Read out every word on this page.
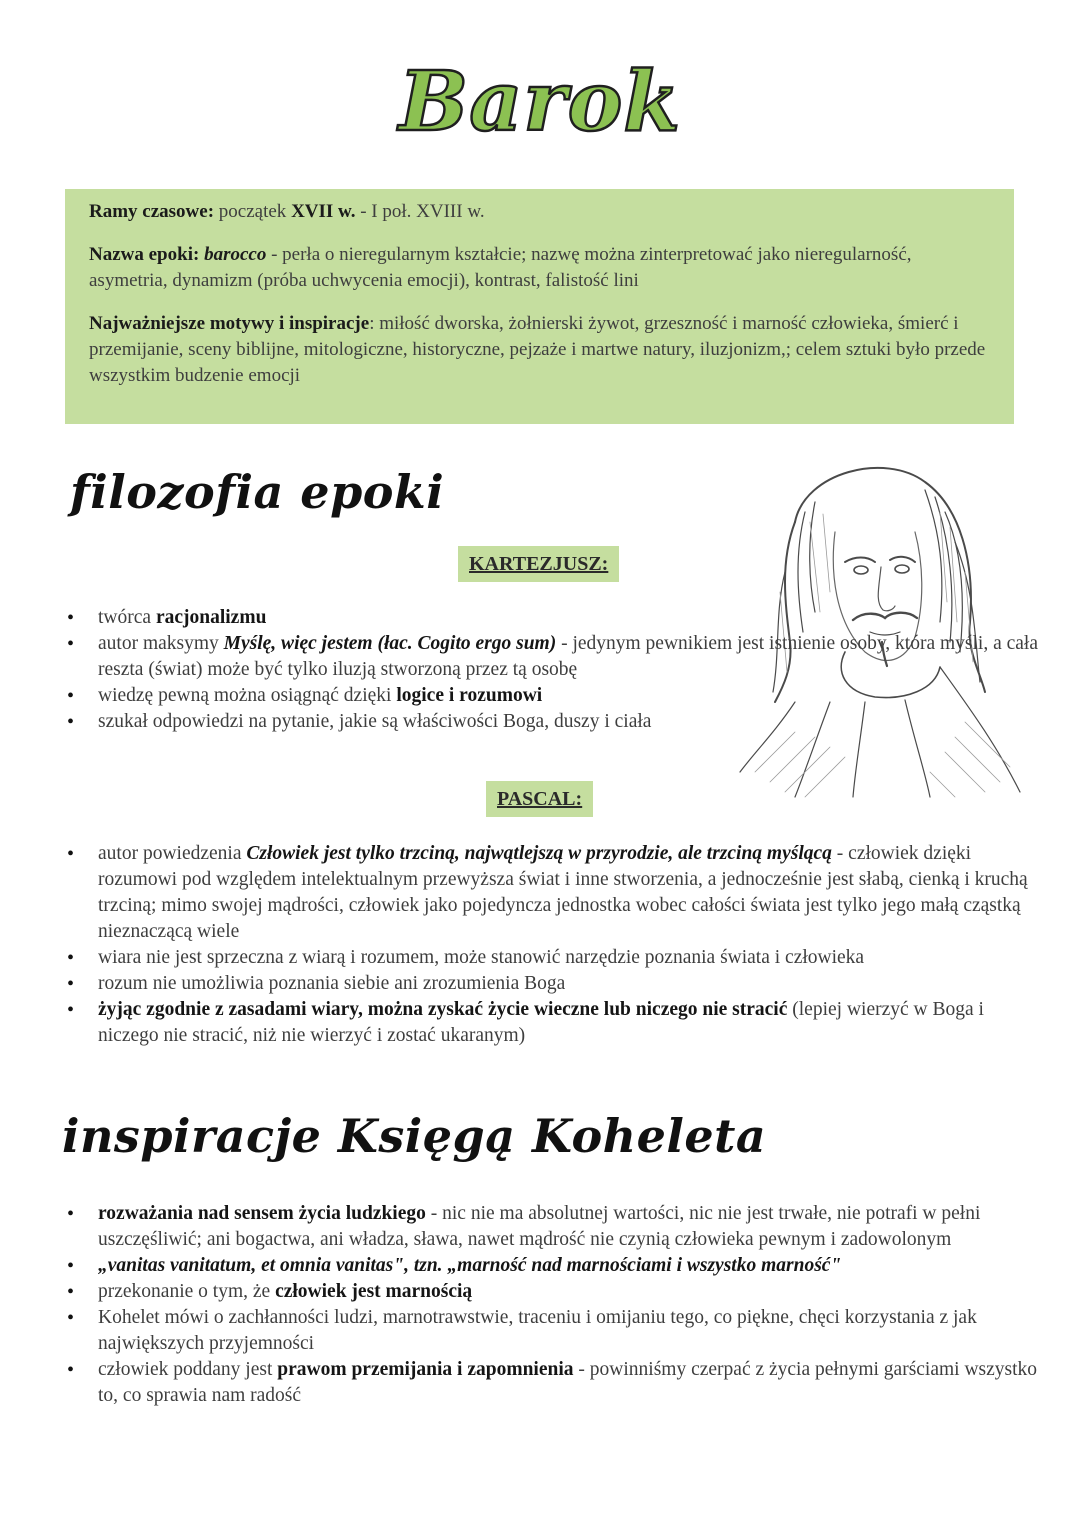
Barok

Ramy czasowe: początek XVII w. - I poł. XVIII w.

Nazwa epoki: barocco - perła o nieregularnym kształcie; nazwę można zinterpretować jako nieregularność, asymetria, dynamizm (próba uchwycenia emocji), kontrast, falistość lini

Najważniejsze motywy i inspiracje: miłość dworska, żołnierski żywot, grzeszność i marność człowieka, śmierć i przemijanie, sceny biblijne, mitologiczne, historyczne, pejzaże i martwe natury, iluzjonizm,; celem sztuki było przede wszystkim budzenie emocji

filozofia epoki
KARTEZJUSZ:
• twórca racjonalizmu
• autor maksymy Myślę, więc jestem (łac. Cogito ergo sum) - jedynym pewnikiem jest istnienie osoby, która myśli, a cała reszta (świat) może być tylko iluzją stworzoną przez tą osobę
• wiedzę pewną można osiągnąć dzięki logice i rozumowi
• szukał odpowiedzi na pytanie, jakie są właściwości Boga, duszy i ciała
PASCAL:
• autor powiedzenia Człowiek jest tylko trzciną, najwątlejszą w przyrodzie, ale trzciną myślącą - człowiek dzięki rozumowi pod względem intelektualnym przewyższa świat i inne stworzenia, a jednocześnie jest słabą, cienką i kruchą trzciną; mimo swojej mądrości, człowiek jako pojedyncza jednostka wobec całości świata jest tylko jego małą cząstką nieznaczącą wiele
• wiara nie jest sprzeczna z wiarą i rozumem, może stanowić narzędzie poznania świata i człowieka
• rozum nie umożliwia poznania siebie ani zrozumienia Boga
• żyjąc zgodnie z zasadami wiary, można zyskać życie wieczne lub niczego nie stracić (lepiej wierzyć w Boga i niczego nie stracić, niż nie wierzyć i zostać ukaranym)
inspiracje Księgą Koheleta
• rozważania nad sensem życia ludzkiego - nic nie ma absolutnej wartości, nic nie jest trwałe, nie potrafi w pełni uszczęśliwić; ani bogactwa, ani władza, sława, nawet mądrość nie czynią człowieka pewnym i zadowolonym
• „vanitas vanitatum, et omnia vanitas", tzn. „marność nad marnościami i wszystko marność"
• przekonanie o tym, że człowiek jest marnością
• Kohelet mówi o zachłanności ludzi, marnotrawstwie, traceniu i omijaniu tego, co piękne, chęci korzystania z jak największych przyjemności
• człowiek poddany jest prawom przemijania i zapomnienia - powinniśmy czerpać z życia pełnymi garściami wszystko to, co sprawia nam radość
